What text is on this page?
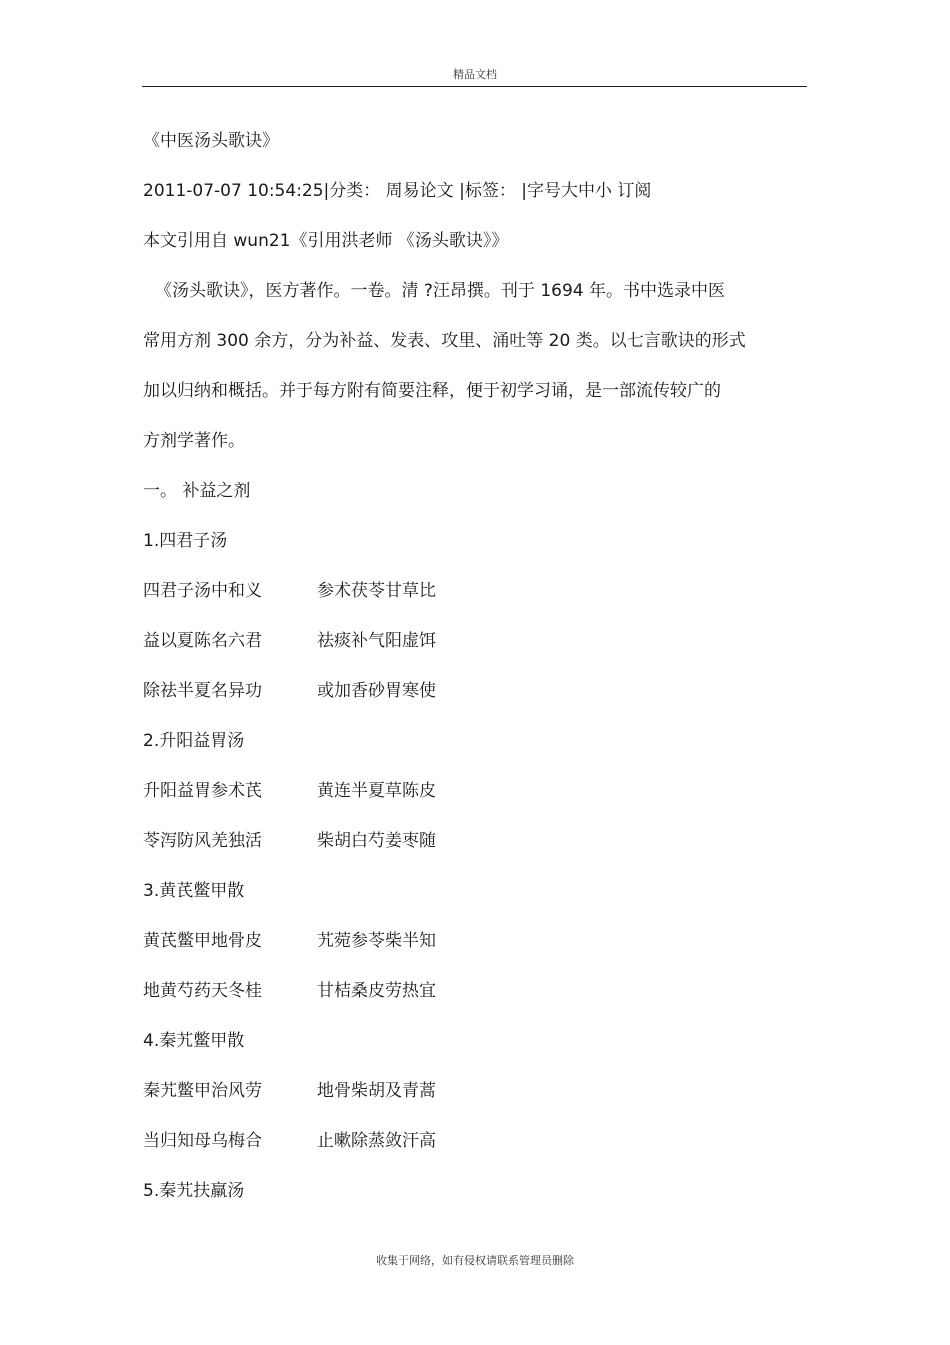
精品文档
《中医汤头歌诀》
2011-07-07 10:54:25|分类： 周易论文 |标签： |字号大中小 订阅
本文引用自 wun21《引用洪老师 《汤头歌诀》》
《汤头歌诀》，医方著作。一卷。清 ?汪昂撰。刊于 1694 年。书中选录中医
常用方剂 300 余方，分为补益、发表、攻里、涌吐等 20 类。以七言歌诀的形式
加以归纳和概括。并于每方附有简要注释，便于初学习诵，是一部流传较广的
方剂学著作。
一。 补益之剂
1.四君子汤
四君子汤中和义	参术茯苓甘草比
益以夏陈名六君	祛痰补气阳虚饵
除祛半夏名异功	或加香砂胃寒使
2.升阳益胃汤
升阳益胃参术芪	黄连半夏草陈皮
苓泻防风羌独活	柴胡白芍姜枣随
3.黄芪鳖甲散
黄芪鳖甲地骨皮	艽菀参苓柴半知
地黄芍药天冬桂	甘桔桑皮劳热宜
4.秦艽鳖甲散
秦艽鳖甲治风劳	地骨柴胡及青蒿
当归知母乌梅合	止嗽除蒸敛汗高
5.秦艽扶羸汤
收集于网络，如有侵权请联系管理员删除
